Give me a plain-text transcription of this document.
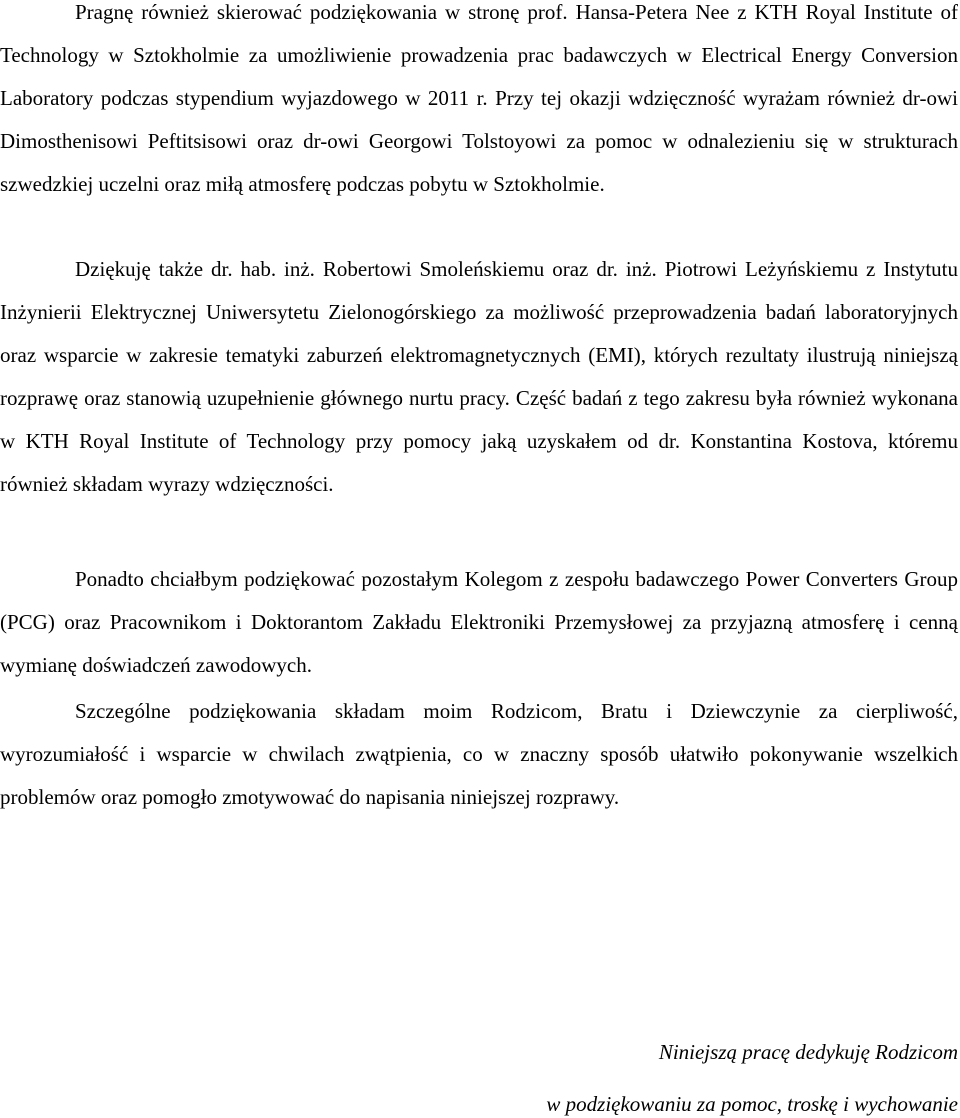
Pragnę również skierować podziękowania w stronę prof. Hansa-Petera Nee z KTH Royal Institute of Technology w Sztokholmie za umożliwienie prowadzenia prac badawczych w Electrical Energy Conversion Laboratory podczas stypendium wyjazdowego w 2011 r. Przy tej okazji wdzięczność wyrażam również dr-owi Dimosthenisowi Peftitsisowi oraz dr-owi Georgowi Tolstoyowi za pomoc w odnalezieniu się w strukturach szwedzkiej uczelni oraz miłą atmosferę podczas pobytu w Sztokholmie.

Dziękuję także dr. hab. inż. Robertowi Smoleńskiemu oraz dr. inż. Piotrowi Leżyńskiemu z Instytutu Inżynierii Elektrycznej Uniwersytetu Zielonogórskiego za możliwość przeprowadzenia badań laboratoryjnych oraz wsparcie w zakresie tematyki zaburzeń elektromagnetycznych (EMI), których rezultaty ilustrują niniejszą rozprawę oraz stanowią uzupełnienie głównego nurtu pracy. Część badań z tego zakresu była również wykonana w KTH Royal Institute of Technology przy pomocy jaką uzyskałem od dr. Konstantina Kostova, któremu również składam wyrazy wdzięczności.

Ponadto chciałbym podziękować pozostałym Kolegom z zespołu badawczego Power Converters Group (PCG) oraz Pracownikom i Doktorantom Zakładu Elektroniki Przemysłowej za przyjazną atmosferę i cenną wymianę doświadczeń zawodowych.

Szczególne podziękowania składam moim Rodzicom, Bratu i Dziewczynie za cierpliwość, wyrozumiałość i wsparcie w chwilach zwątpienia, co w znaczny sposób ułatwiło pokonywanie wszelkich problemów oraz pomogło zmotywować do napisania niniejszej rozprawy.

Niniejszą pracę dedykuję Rodzicom
w podziękowaniu za pomoc, troskę i wychowanie
